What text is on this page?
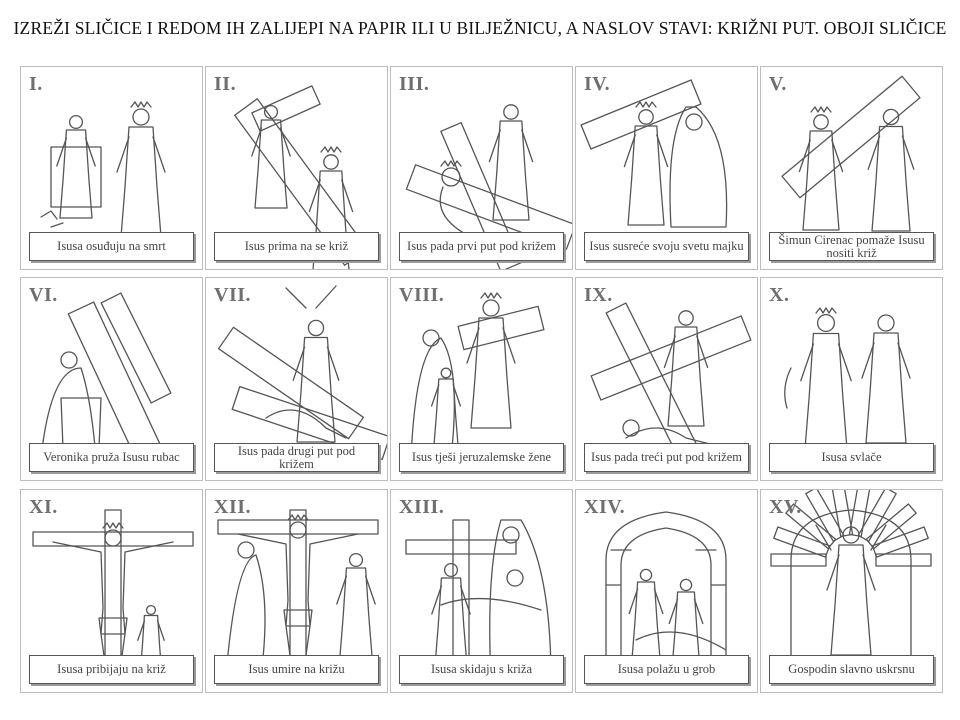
IZREŽI SLIČICE I REDOM IH ZALIJEPI NA PAPIR ILI U BILJEŽNICU, A NASLOV STAVI: KRIŽNI PUT. OBOJI SLIČICE
I.
Isusa osuđuju na smrt
II.
Isus prima na se križ
III.
Isus pada prvi put pod križem
IV.
Isus susreće svoju svetu majku
V.
Šimun Cirenac pomaže Isusu nositi križ
VI.
Veronika pruža Isusu rubac
VII.
Isus pada drugi put pod križem
VIII.
Isus tješi jeruzalemske žene
IX.
Isus pada treći put pod križem
X.
Isusa svlače
XI.
Isusa pribijaju na križ
XII.
Isus umire na križu
XIII.
Isusa skidaju s križa
XIV.
Isusa polažu u grob
XV.
Gospodin slavno uskrsnu
